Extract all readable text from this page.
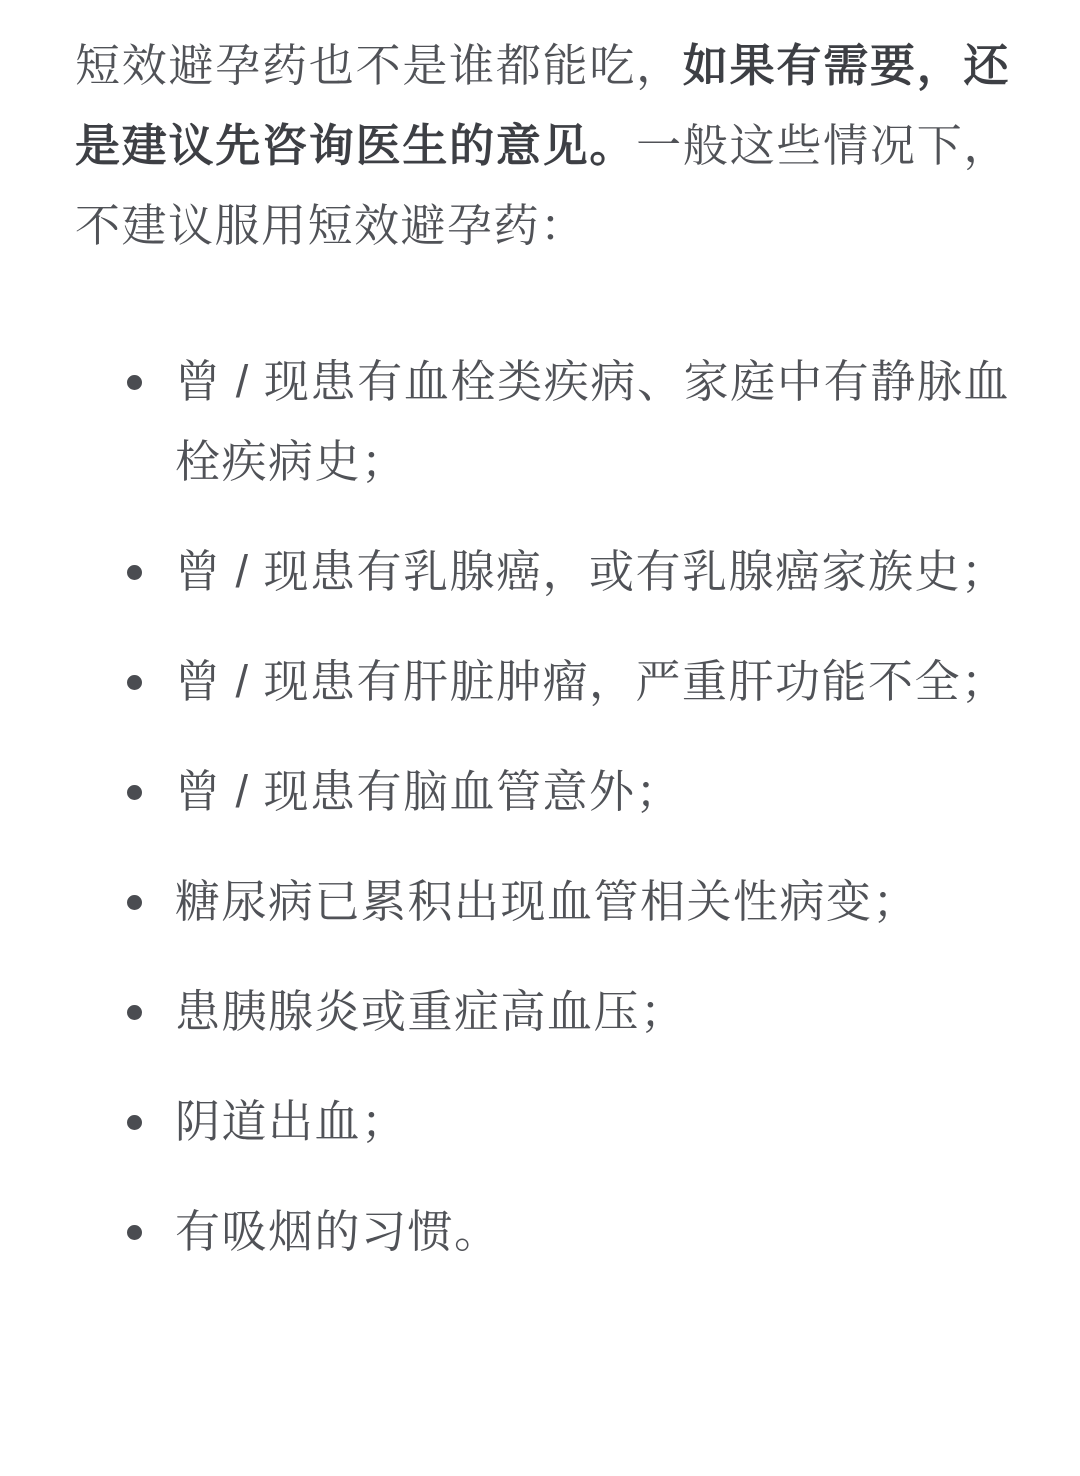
短效避孕药也不是谁都能吃，如果有需要，还是建议先咨询医生的意见。一般这些情况下，不建议服用短效避孕药：

曾 / 现患有血栓类疾病、家庭中有静脉血栓疾病史；
曾 / 现患有乳腺癌，或有乳腺癌家族史；
曾 / 现患有肝脏肿瘤，严重肝功能不全；
曾 / 现患有脑血管意外；
糖尿病已累积出现血管相关性病变；
患胰腺炎或重症高血压；
阴道出血；
有吸烟的习惯。
